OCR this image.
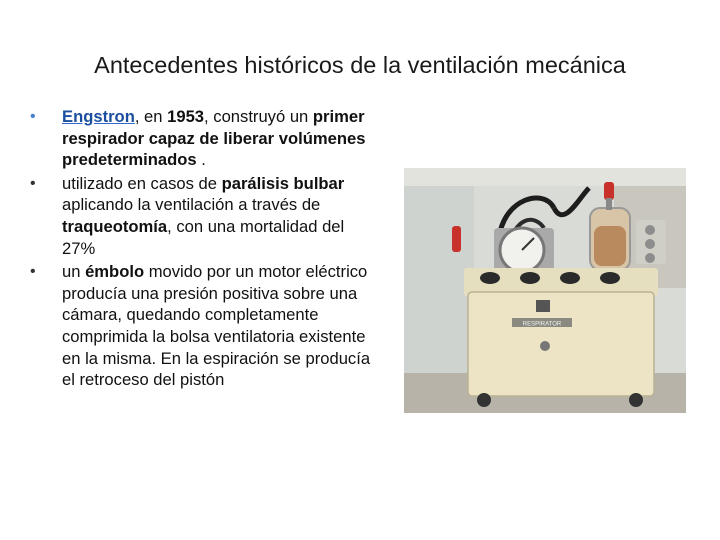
Antecedentes históricos de la ventilación mecánica
• Engstron, en 1953, construyó un primer respirador capaz de liberar volúmenes predeterminados .
• utilizado en casos de parálisis bulbar aplicando la ventilación a través de traqueotomía, con una mortalidad del 27%
• un émbolo movido por un motor eléctrico producía una presión positiva sobre una cámara, quedando completamente comprimida la bolsa ventilatoria existente en la misma. En la espiración se producía el retroceso del pistón
RESPIRATOR
